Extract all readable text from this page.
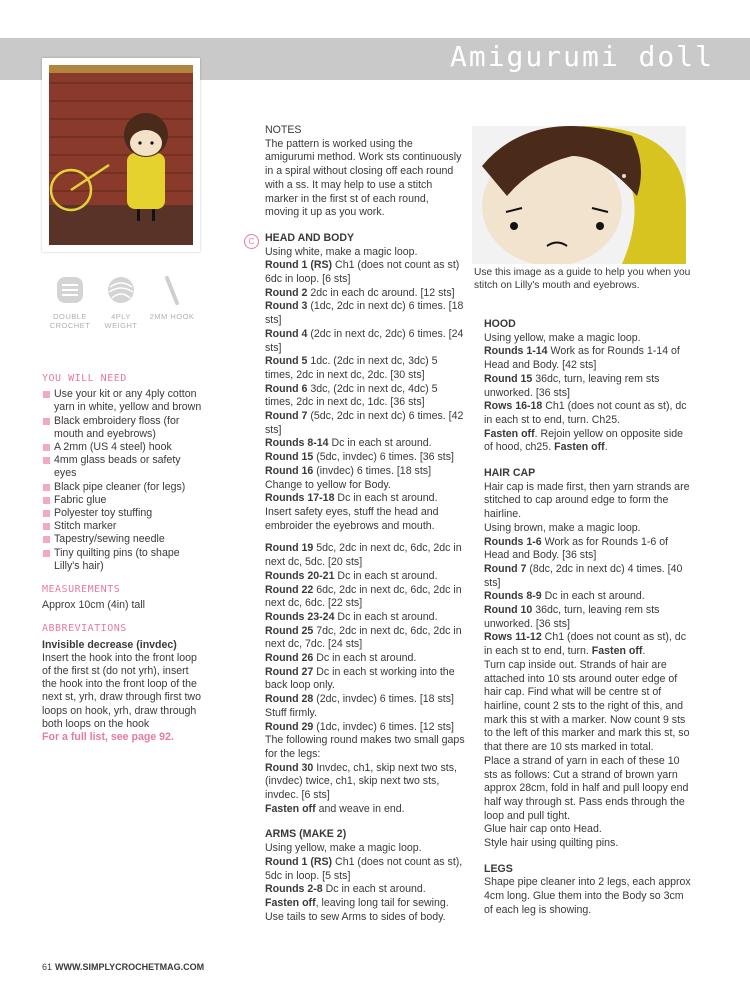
Amigurumi doll
DOUBLE CROCHET
4PLY WEIGHT
2MM HOOK
YOU WILL NEED
Use your kit or any 4ply cotton yarn in white, yellow and brown
Black embroidery floss (for mouth and eyebrows)
A 2mm (US 4 steel) hook
4mm glass beads or safety eyes
Black pipe cleaner (for legs)
Fabric glue
Polyester toy stuffing
Stitch marker
Tapestry/sewing needle
Tiny quilting pins (to shape Lilly's hair)
MEASUREMENTS

Approx 10cm (4in) tall

ABBREVIATIONS

Invisible decrease (invdec)

Insert the hook into the front loop of the first st (do not yrh), insert the hook into the front loop of the next st, yrh, draw through first two loops on hook, yrh, draw through both loops on the hook

For a full list, see page 92.

C

NOTES

The pattern is worked using the amigurumi method. Work sts continuously in a spiral without closing off each round with a ss. It may help to use a stitch marker in the first st of each round, moving it up as you work.

HEAD AND BODY

Using white, make a magic loop.

Round 1 (RS) Ch1 (does not count as st) 6dc in loop. [6 sts]

Round 2 2dc in each dc around. [12 sts]

Round 3 (1dc, 2dc in next dc) 6 times. [18 sts]

Round 4 (2dc in next dc, 2dc) 6 times. [24 sts]

Round 5 1dc. (2dc in next dc, 3dc) 5 times, 2dc in next dc, 2dc. [30 sts]

Round 6 3dc, (2dc in next dc, 4dc) 5 times, 2dc in next dc, 1dc. [36 sts]

Round 7 (5dc, 2dc in next dc) 6 times. [42 sts]

Rounds 8-14 Dc in each st around.

Round 15 (5dc, invdec) 6 times. [36 sts]

Round 16 (invdec) 6 times. [18 sts]

Change to yellow for Body.

Rounds 17-18 Dc in each st around. Insert safety eyes, stuff the head and embroider the eyebrows and mouth.

Round 19 5dc, 2dc in next dc, 6dc, 2dc in next dc, 5dc. [20 sts]

Rounds 20-21 Dc in each st around.

Round 22 6dc, 2dc in next dc, 6dc, 2dc in next dc, 6dc. [22 sts]

Rounds 23-24 Dc in each st around.

Round 25 7dc, 2dc in next dc, 6dc, 2dc in next dc, 7dc. [24 sts]

Round 26 Dc in each st around.

Round 27 Dc in each st working into the back loop only.

Round 28 (2dc, invdec) 6 times. [18 sts] Stuff firmly.

Round 29 (1dc, invdec) 6 times. [12 sts]

The following round makes two small gaps for the legs:

Round 30 Invdec, ch1, skip next two sts, (invdec) twice, ch1, skip next two sts, invdec. [6 sts]

Fasten off and weave in end.

ARMS (MAKE 2)

Using yellow, make a magic loop.

Round 1 (RS) Ch1 (does not count as st), 5dc in loop. [5 sts]

Rounds 2-8 Dc in each st around.

Fasten off, leaving long tail for sewing. Use tails to sew Arms to sides of body.

Use this image as a guide to help you when you stitch on Lilly's mouth and eyebrows.

HOOD

Using yellow, make a magic loop.

Rounds 1-14 Work as for Rounds 1-14 of Head and Body. [42 sts]

Round 15 36dc, turn, leaving rem sts unworked. [36 sts]

Rows 16-18 Ch1 (does not count as st), dc in each st to end, turn. Ch25.

Fasten off. Rejoin yellow on opposite side of hood, ch25. Fasten off.

HAIR CAP

Hair cap is made first, then yarn strands are stitched to cap around edge to form the hairline.

Using brown, make a magic loop.

Rounds 1-6 Work as for Rounds 1-6 of Head and Body. [36 sts]

Round 7 (8dc, 2dc in next dc) 4 times. [40 sts]

Rounds 8-9 Dc in each st around.

Round 10 36dc, turn, leaving rem sts unworked. [36 sts]

Rows 11-12 Ch1 (does not count as st), dc in each st to end, turn. Fasten off.

Turn cap inside out. Strands of hair are attached into 10 sts around outer edge of hair cap. Find what will be centre st of hairline, count 2 sts to the right of this, and mark this st with a marker. Now count 9 sts to the left of this marker and mark this st, so that there are 10 sts marked in total.

Place a strand of yarn in each of these 10 sts as follows: Cut a strand of brown yarn approx 28cm, fold in half and pull loopy end half way through st. Pass ends through the loop and pull tight.

Glue hair cap onto Head.

Style hair using quilting pins.

LEGS

Shape pipe cleaner into 2 legs, each approx 4cm long. Glue them into the Body so 3cm of each leg is showing.

61 WWW.SIMPLYCROCHETMAG.COM
